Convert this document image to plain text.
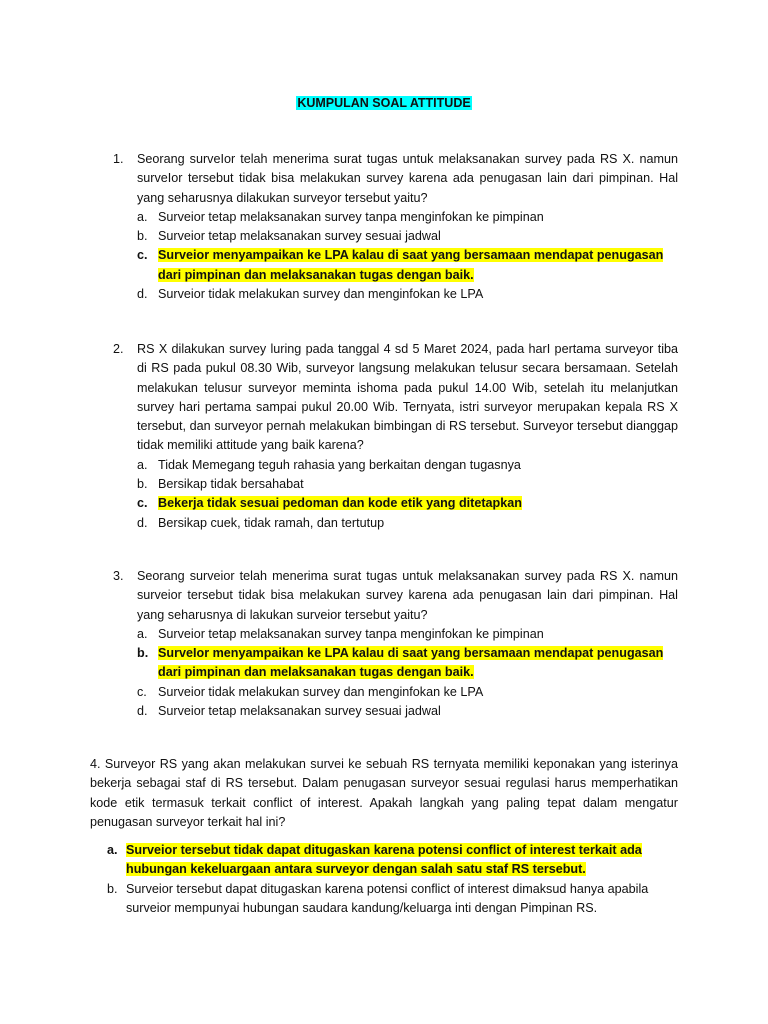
KUMPULAN SOAL ATTITUDE
1.	Seorang surveIor telah menerima surat tugas untuk melaksanakan survey pada RS X. namun surveIor tersebut tidak bisa melakukan survey karena ada penugasan lain dari pimpinan. Hal yang seharusnya dilakukan surveyor tersebut yaitu?
a. Surveior tetap melaksanakan survey tanpa menginfokan ke pimpinan
b. Surveior tetap melaksanakan survey sesuai jadwal
c. Surveior menyampaikan ke LPA kalau di saat yang bersamaan mendapat penugasan dari pimpinan dan melaksanakan tugas dengan baik.
d. Surveior tidak melakukan survey dan menginfokan ke LPA
2.	RS X dilakukan survey luring pada tanggal 4 sd 5 Maret 2024, pada harI pertama surveyor tiba di RS pada pukul 08.30 Wib, surveyor langsung melakukan telusur secara bersamaan. Setelah melakukan telusur surveyor meminta ishoma pada pukul 14.00 Wib, setelah itu melanjutkan survey hari pertama sampai pukul 20.00 Wib. Ternyata, istri surveyor merupakan kepala RS X tersebut, dan surveyor pernah melakukan bimbingan di RS tersebut. Surveyor tersebut dianggap tidak memiliki attitude yang baik karena?
a. Tidak Memegang teguh rahasia yang berkaitan dengan tugasnya
b. Bersikap tidak bersahabat
c. Bekerja tidak sesuai pedoman dan kode etik yang ditetapkan
d. Bersikap cuek, tidak ramah, dan tertutup
3.	Seorang surveior telah menerima surat tugas untuk melaksanakan survey pada RS X. namun surveior tersebut tidak bisa melakukan survey karena ada penugasan lain dari pimpinan. Hal yang seharusnya di lakukan surveior tersebut yaitu?
a. Surveior tetap melaksanakan survey tanpa menginfokan ke pimpinan
b. SurveIor menyampaikan ke LPA kalau di saat yang bersamaan mendapat penugasan dari pimpinan dan melaksanakan tugas dengan baik.
c. Surveior tidak melakukan survey dan menginfokan ke LPA
d. Surveior tetap melaksanakan survey sesuai jadwal
4. Surveyor RS yang akan melakukan survei ke sebuah RS ternyata memiliki keponakan yang isterinya bekerja sebagai staf di RS tersebut. Dalam penugasan surveyor sesuai regulasi harus memperhatikan kode etik termasuk terkait conflict of interest. Apakah langkah yang paling tepat dalam mengatur penugasan surveyor terkait hal ini?
a. Surveior tersebut tidak dapat ditugaskan karena potensi conflict of interest terkait ada hubungan kekeluargaan antara surveyor dengan salah satu staf RS tersebut.
b. Surveior tersebut dapat ditugaskan karena potensi conflict of interest dimaksud hanya apabila surveior mempunyai hubungan saudara kandung/keluarga inti dengan Pimpinan RS.
